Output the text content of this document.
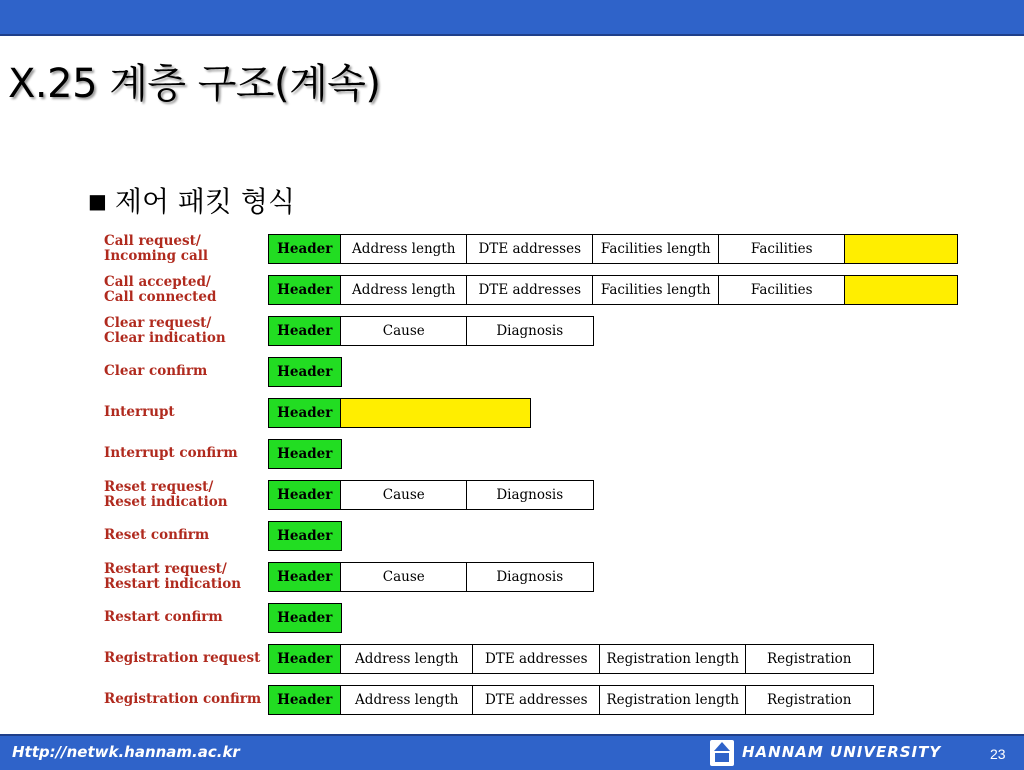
X.25 계층 구조(계속)
■ 제어 패킷 형식
Call request/
Incoming call	Header	Address length	DTE addresses	Facilities length	Facilities
Call accepted/
Call connected	Header	Address length	DTE addresses	Facilities length	Facilities
Clear request/
Clear indication	Header	Cause	Diagnosis
Clear confirm	Header
Interrupt	Header
Interrupt confirm	Header
Reset request/
Reset indication	Header	Cause	Diagnosis
Reset confirm	Header
Restart request/
Restart indication	Header	Cause	Diagnosis
Restart confirm	Header
Registration request	Header	Address length	DTE addresses	Registration length	Registration
Registration confirm	Header	Address length	DTE addresses	Registration length	Registration
Http://netwk.hannam.ac.kr	HANNAM UNIVERSITY	23
